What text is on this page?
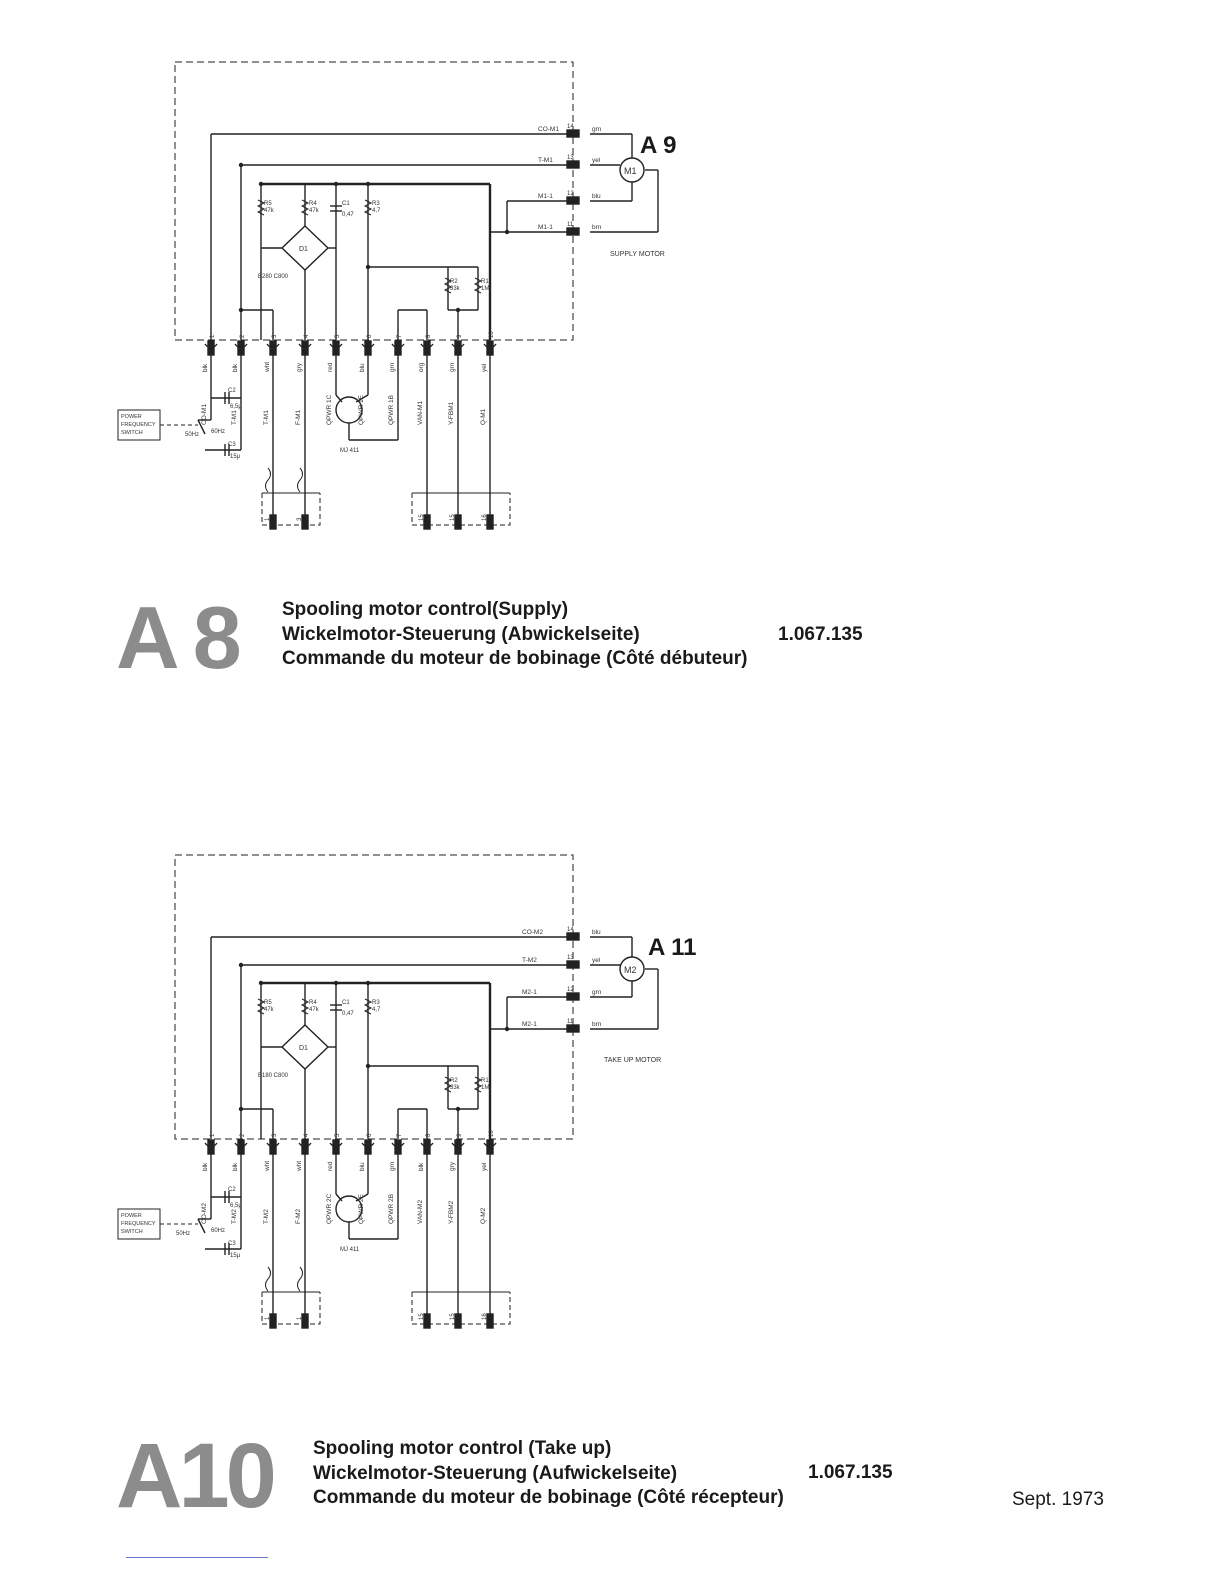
A 9
M1
SUPPLY MOTOR
CO-M1
T-M1
M1-1
M1-1
14
13
12
11
grn
yel
blu
brn
R5
47k
R4
47k
C1
0,47
R3
4,7
R2
33k
R1
1M
D1
B280 C800
MJ 411
C2
6,5µ
C3
15µ
50Hz 60Hz
POWER
FREQUENCY
SWITCH
1
blk
CO-M1
2
blk
T-M1
3
wht
T-M1
4
gry
F-M1
5
red
QPWR 1C
6
blu
QPWR 1E
7
grn
QPWR 1B
8
org
VAN-M1
9
grn
Y-FBM1
10
yel
Q-M1
1	3	15	15	16
A 11
M2
TAKE UP MOTOR
CO-M2
T-M2
M2-1
M2-1
14
13
12
11
blu
yel
grn
brn
R5
47k
R4
47k
C1
0,47
R3
4,7
R2
33k
R1
1M
D1
B180 C800
MJ 411
C2
6,5µ
C3
15µ
50Hz	60Hz
POWER
FREQUENCY
SWITCH
1
blk
CO-M2
2
blk
T-M2
3
wht
T-M2
4
wht
F-M2
5
red
QPWR 2C
6
blu
QPWR 2E
7
grn
QPWR 2B
8
blk
VAN-M2
9
gry
Y-FBM2
10
yel
Q-M2
1	1	15	15	16
A 8 Spooling motor control(Supply)
Wickelmotor-Steuerung (Abwickelseite)
Commande du moteur de bobinage (Côté débuteur)
1.067.135
A10 Spooling motor control (Take up)
Wickelmotor-Steuerung (Aufwickelseite)
Commande du moteur de bobinage (Côté récepteur)
1.067.135
Sept. 1973
